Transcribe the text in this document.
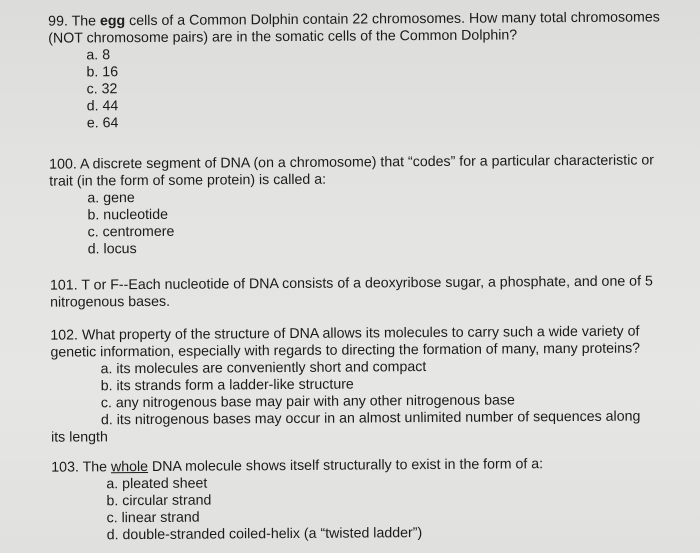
99. The egg cells of a Common Dolphin contain 22 chromosomes. How many total chromosomes (NOT chromosome pairs) are in the somatic cells of the Common Dolphin?

a. 8
b. 16
c. 32
d. 44
e. 64

100. A discrete segment of DNA (on a chromosome) that “codes” for a particular characteristic or trait (in the form of some protein) is called a:

a. gene
b. nucleotide
c. centromere
d. locus

101. T or F--Each nucleotide of DNA consists of a deoxyribose sugar, a phosphate, and one of 5 nitrogenous bases.

102. What property of the structure of DNA allows its molecules to carry such a wide variety of genetic information, especially with regards to directing the formation of many, many proteins?

a. its molecules are conveniently short and compact
b. its strands form a ladder-like structure
c. any nitrogenous base may pair with any other nitrogenous base
d. its nitrogenous bases may occur in an almost unlimited number of sequences along

its length

103. The whole DNA molecule shows itself structurally to exist in the form of a:

a. pleated sheet
b. circular strand
c. linear strand
d. double-stranded coiled-helix (a “twisted ladder”)
